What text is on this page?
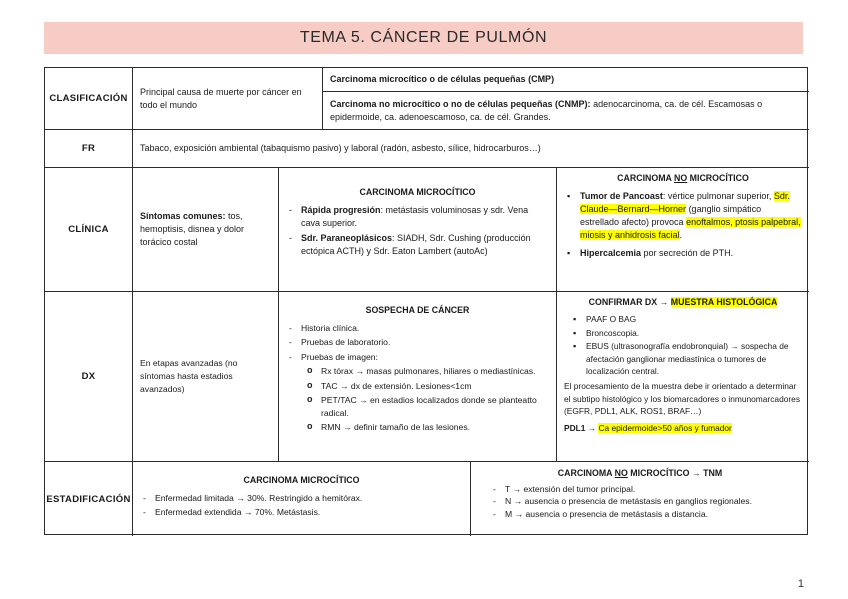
TEMA 5. CÁNCER DE PULMÓN
CLASIFICACIÓN
Principal causa de muerte por cáncer en todo el mundo
Carcinoma microcítico o de células pequeñas (CMP)
Carcinoma no microcítico o no de células pequeñas (CNMP): adenocarcinoma, ca. de cél. Escamosas o epidermoide, ca. adenoescamoso, ca. de cél. Grandes.
FR	Tabaco, exposición ambiental (tabaquismo pasivo) y laboral (radón, asbesto, sílice, hidrocarburos…)
CLÍNICA
Síntomas comunes: tos, hemoptisis, disnea y dolor torácico costal
CARCINOMA MICROCÍTICO
- Rápida progresión: metástasis voluminosas y sdr. Vena cava superior.
- Sdr. Paraneoplásicos: SIADH, Sdr. Cushing (producción ectópica ACTH) y Sdr. Eaton Lambert (autoAc)
CARCINOMA NO MICROCÍTICO
▪ Tumor de Pancoast: vértice pulmonar superior, Sdr. Claude—Bernard—Horner (ganglio simpático estrellado afecto) provoca enoftalmos, ptosis palpebral, miosis y anhidrosis facial.
▪ Hipercalcemia por secreción de PTH.
DX
En etapas avanzadas (no síntomas hasta estadios avanzados)
SOSPECHA DE CÁNCER
- Historia clínica.
- Pruebas de laboratorio.
- Pruebas de imagen:
o Rx tórax → masas pulmonares, hiliares o mediastínicas.
o TAC → dx de extensión. Lesiones<1cm
o PET/TAC → en estadios localizados donde se planteatto radical.
o RMN → definir tamaño de las lesiones.
CONFIRMAR DX → MUESTRA HISTOLÓGICA
▪ PAAF O BAG
▪ Broncoscopia.
▪ EBUS (ultrasonografía endobronquial) → sospecha de afectación ganglionar mediastínica o tumores de localización central.
El procesamiento de la muestra debe ir orientado a determinar el subtipo histológico y los biomarcadores o inmunomarcadores (EGFR, PDL1, ALK, ROS1, BRAF…)
PDL1 → Ca epidermoide>50 años y fumador
ESTADIFICACIÓN
CARCINOMA MICROCÍTICO
- Enfermedad limitada → 30%. Restringido a hemitórax.
- Enfermedad extendida → 70%. Metástasis.
CARCINOMA NO MICROCÍTICO → TNM
- T → extensión del tumor principal.
- N → ausencia o presencia de metástasis en ganglios regionales.
- M → ausencia o presencia de metástasis a distancia.
1
